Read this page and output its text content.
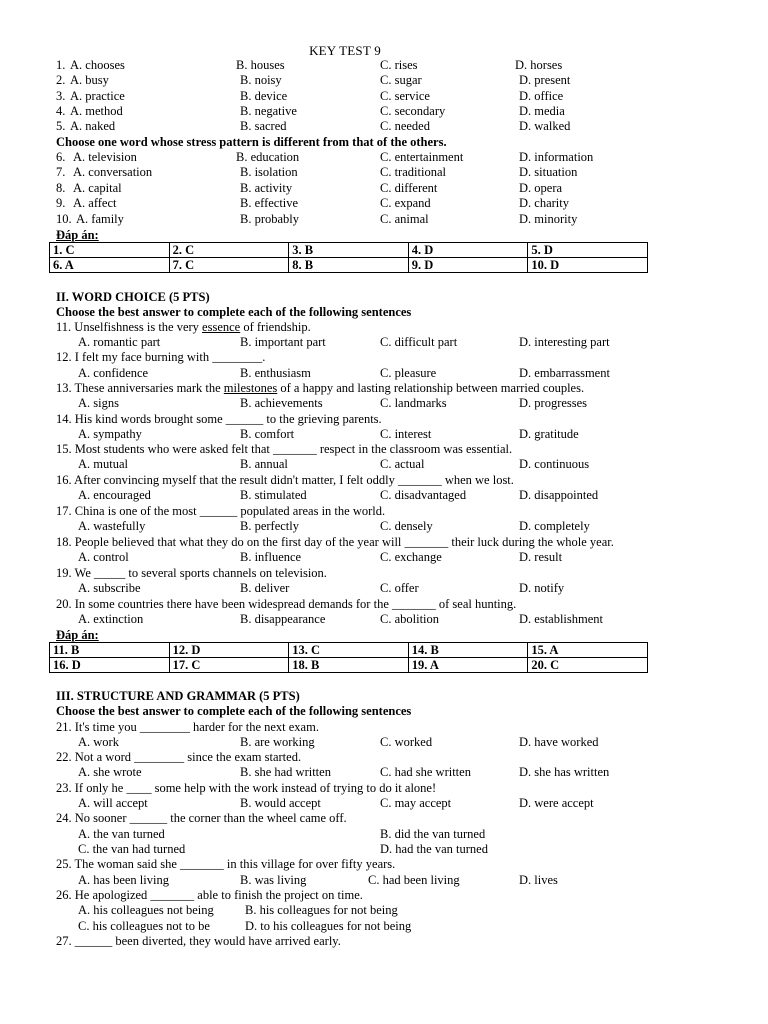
KEY TEST 9
1. A. chooses	B. houses	C. rises	D. horses
2. A. busy	B. noisy	C. sugar	D. present
3. A. practice	B. device	C. service	D. office
4. A. method	B. negative	C. secondary	D. media
5. A. naked	B. sacred	C. needed	D. walked
Choose one word whose stress pattern is different from that of the others.
6. A. television	B. education	C. entertainment	D. information
7. A. conversation	B. isolation	C. traditional	D. situation
8. A. capital	B. activity	C. different	D. opera
9. A. affect	B. effective	C. expand	D. charity
10. A. family	B. probably	C. animal	D. minority
Đáp án:
1. C	2. C	3. B	4. D	5. D
6. A	7. C	8. B	9. D	10. D
II. WORD CHOICE (5 PTS)
Choose the best answer to complete each of the following sentences
11. Unselfishness is the very essence of friendship.
A. romantic part	B. important part	C. difficult part	D. interesting part
12. I felt my face burning with ________.
A. confidence	B. enthusiasm	C. pleasure	D. embarrassment
13. These anniversaries mark the milestones of a happy and lasting relationship between married couples.
A. signs	B. achievements	C. landmarks	D. progresses
14. His kind words brought some ______ to the grieving parents.
A. sympathy	B. comfort	C. interest	D. gratitude
15. Most students who were asked felt that _______ respect in the classroom was essential.
A. mutual	B. annual	C. actual	D. continuous
16. After convincing myself that the result didn't matter, I felt oddly _______ when we lost.
A. encouraged	B. stimulated	C. disadvantaged	D. disappointed
17. China is one of the most ______ populated areas in the world.
A. wastefully	B. perfectly	C. densely	D. completely
18. People believed that what they do on the first day of the year will _______ their luck during the whole year.
A. control	B. influence	C. exchange	D. result
19. We _____ to several sports channels on television.
A. subscribe	B. deliver	C. offer	D. notify
20. In some countries there have been widespread demands for the _______ of seal hunting.
A. extinction	B. disappearance	C. abolition	D. establishment
Đáp án:
11. B	12. D	13. C	14. B	15. A
16. D	17. C	18. B	19. A	20. C
III. STRUCTURE AND GRAMMAR (5 PTS)
Choose the best answer to complete each of the following sentences
21. It's time you ________ harder for the next exam.
A. work	B. are working	C. worked	D. have worked
22. Not a word ________ since the exam started.
A. she wrote	B. she had written	C. had she written	D. she has written
23. If only he ____ some help with the work instead of trying to do it alone!
A. will accept	B. would accept	C. may accept	D. were accept
24. No sooner ______ the corner than the wheel came off.
A. the van turned	B. did the van turned
C. the van had turned	D. had the van turned
25. The woman said she _______ in this village for over fifty years.
A. has been living	B. was living	C. had been living	D. lives
26. He apologized _______ able to finish the project on time.
A. his colleagues not being	B. his colleagues for not being
C. his colleagues not to be	D. to his colleagues for not being
27. ______ been diverted, they would have arrived early.
